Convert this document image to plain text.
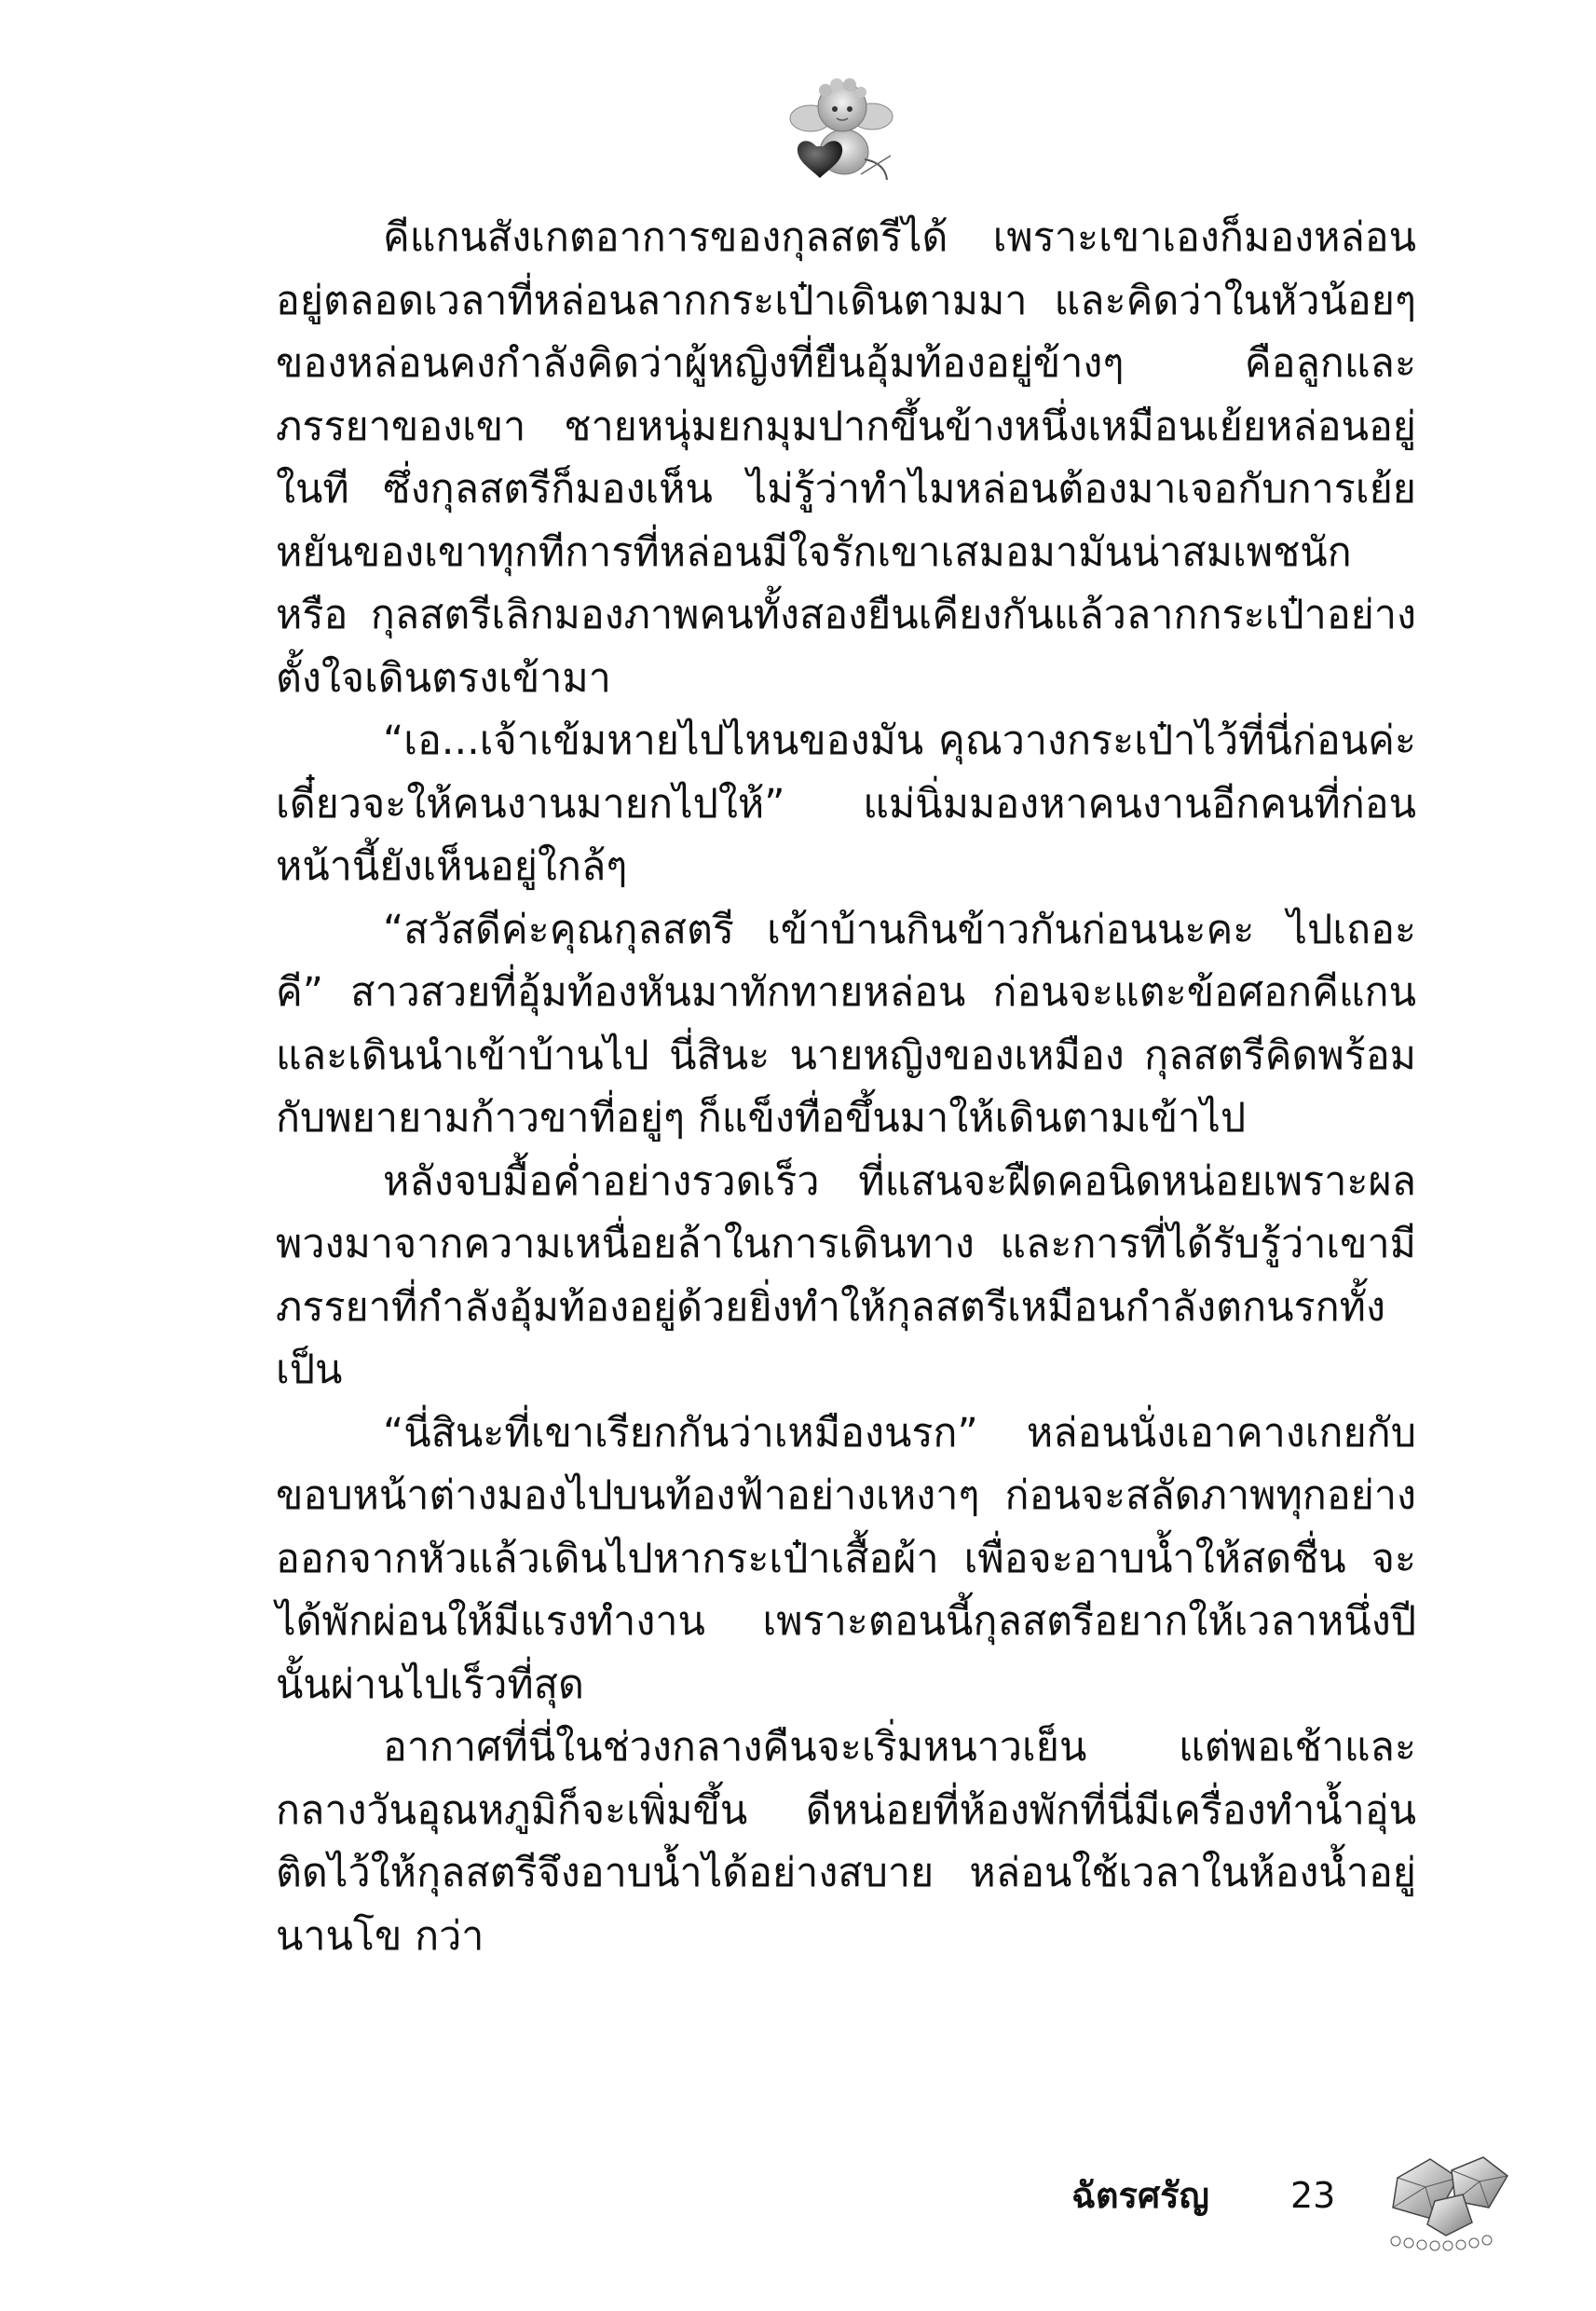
คีแกนสังเกตอาการของกุลสตรีได้ เพราะเขาเองก็มองหล่อนอยู่ตลอดเวลาที่หล่อนลากกระเป๋าเดินตามมา และคิดว่าในหัวน้อยๆ ของหล่อนคงกำลังคิดว่าผู้หญิงที่ยืนอุ้มท้องอยู่ข้างๆ คือลูกและภรรยาของเขา ชายหนุ่มยกมุมปากขึ้นข้างหนึ่งเหมือนเย้ยหล่อนอยู่ในที ซึ่งกุลสตรีก็มองเห็น ไม่รู้ว่าทำไมหล่อนต้องมาเจอกับการเย้ยหยันของเขาทุกทีการที่หล่อนมีใจรักเขาเสมอมามันน่าสมเพชนักหรือ กุลสตรีเลิกมองภาพคนทั้งสองยืนเคียงกันแล้วลากกระเป๋าอย่างตั้งใจเดินตรงเข้ามา

“เอ...เจ้าเข้มหายไปไหนของมัน คุณวางกระเป๋าไว้ที่นี่ก่อนค่ะเดี๋ยวจะให้คนงานมายกไปให้” แม่นิ่มมองหาคนงานอีกคนที่ก่อนหน้านี้ยังเห็นอยู่ใกล้ๆ

“สวัสดีค่ะคุณกุลสตรี เข้าบ้านกินข้าวกันก่อนนะคะ ไปเถอะคี” สาวสวยที่อุ้มท้องหันมาทักทายหล่อน ก่อนจะแตะข้อศอกคีแกนและเดินนำเข้าบ้านไป นี่สินะ นายหญิงของเหมือง กุลสตรีคิดพร้อมกับพยายามก้าวขาที่อยู่ๆ ก็แข็งทื่อขึ้นมาให้เดินตามเข้าไป

หลังจบมื้อค่ำอย่างรวดเร็ว ที่แสนจะฝืดคอนิดหน่อยเพราะผลพวงมาจากความเหนื่อยล้าในการเดินทาง และการที่ได้รับรู้ว่าเขามีภรรยาที่กำลังอุ้มท้องอยู่ด้วยยิ่งทำให้กุลสตรีเหมือนกำลังตกนรกทั้งเป็น

“นี่สินะที่เขาเรียกกันว่าเหมืองนรก” หล่อนนั่งเอาคางเกยกับขอบหน้าต่างมองไปบนท้องฟ้าอย่างเหงาๆ ก่อนจะสลัดภาพทุกอย่างออกจากหัวแล้วเดินไปหากระเป๋าเสื้อผ้า เพื่อจะอาบน้ำให้สดชื่น จะได้พักผ่อนให้มีแรงทำงาน เพราะตอนนี้กุลสตรีอยากให้เวลาหนึ่งปีนั้นผ่านไปเร็วที่สุด

อากาศที่นี่ในช่วงกลางคืนจะเริ่มหนาวเย็น แต่พอเช้าและกลางวันอุณหภูมิก็จะเพิ่มขึ้น ดีหน่อยที่ห้องพักที่นี่มีเครื่องทำน้ำอุ่นติดไว้ให้กุลสตรีจึงอาบน้ำได้อย่างสบาย หล่อนใช้เวลาในห้องน้ำอยู่นานโข กว่า

ฉัตรศรัญ 23
